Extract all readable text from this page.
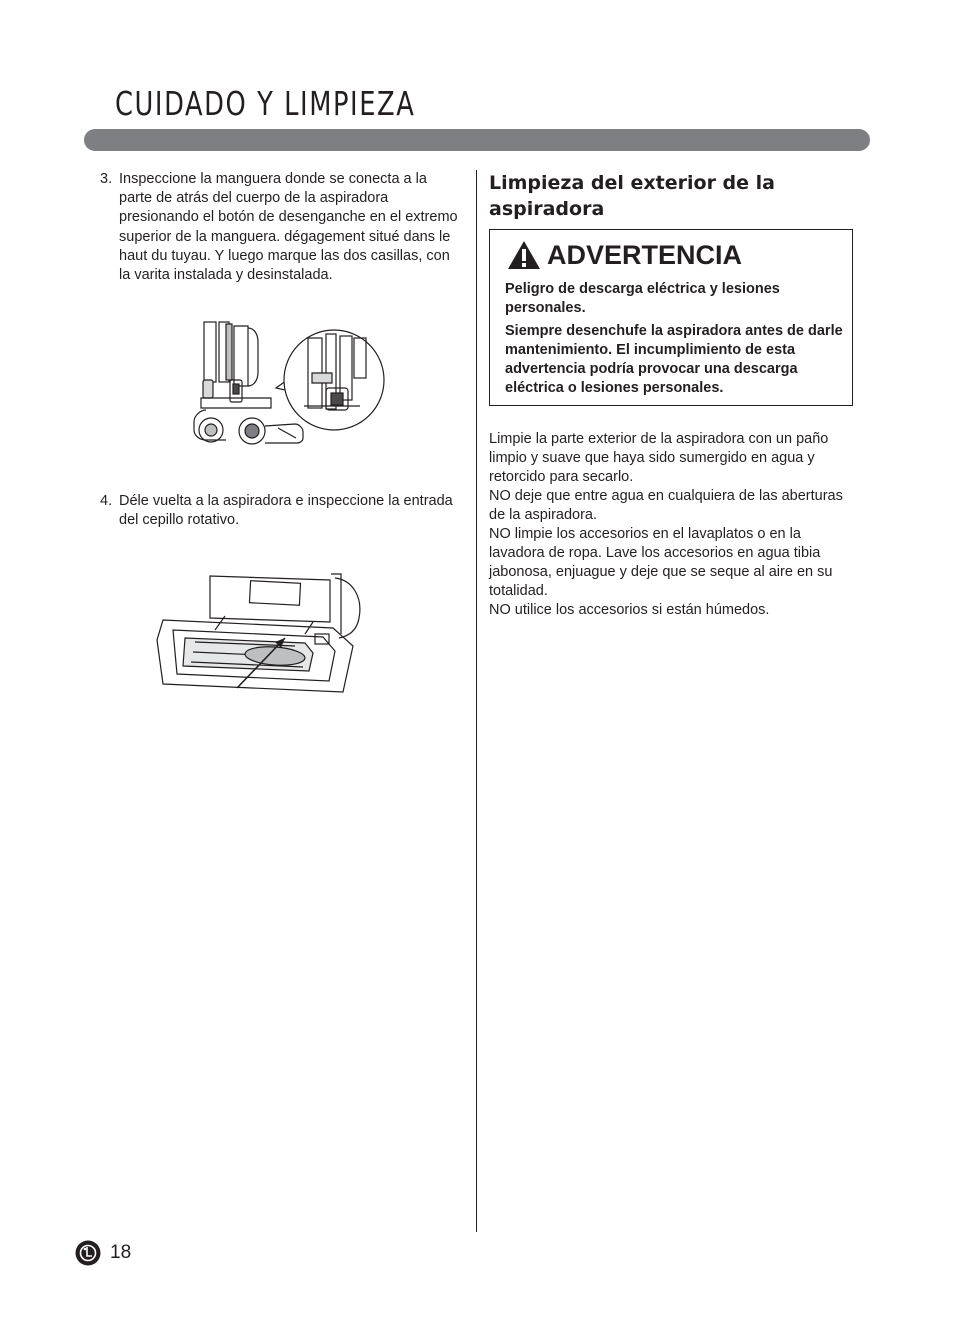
CUIDADO Y LIMPIEZA
3. Inspeccione la manguera donde se conecta a la parte de atrás del cuerpo de la aspiradora presionando el botón de desenganche en el extremo superior de la manguera. dégagement situé dans le haut du tuyau. Y luego marque las dos casillas, con la varita instalada y desinstalada.
4. Déle vuelta a la aspiradora e inspeccione la entrada del cepillo rotativo.
Limpieza del exterior de la aspiradora
ADVERTENCIA
Peligro de descarga eléctrica y lesiones personales.
Siempre desenchufe la aspiradora antes de darle mantenimiento. El incumplimiento de esta advertencia podría provocar una descarga eléctrica o lesiones personales.

Limpie la parte exterior de la aspiradora con un paño limpio y suave que haya sido sumergido en agua y retorcido para secarlo.

NO deje que entre agua en cualquiera de las aberturas de la aspiradora.

NO limpie los accesorios en el lavaplatos o en la lavadora de ropa. Lave los accesorios en agua tibia jabonosa, enjuague y deje que se seque al aire en su totalidad.

NO utilice los accesorios si están húmedos.

18
